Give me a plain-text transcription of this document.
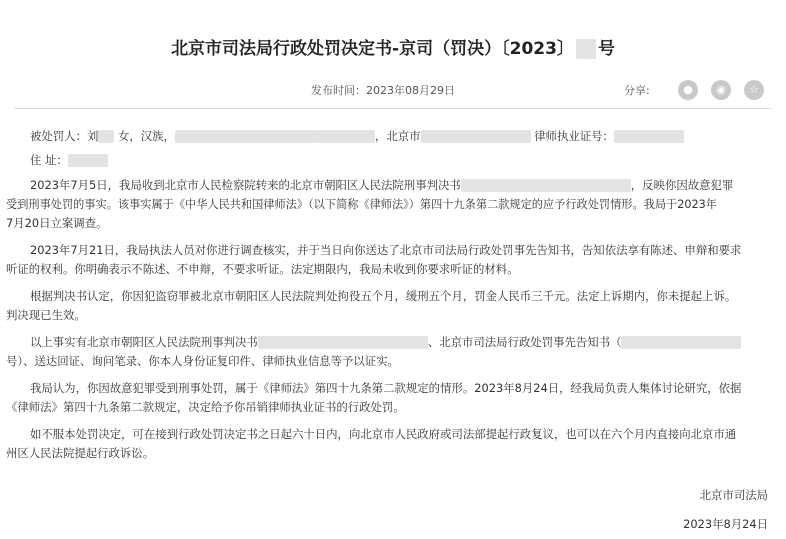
北京市司法局行政处罚决定书-京司（罚决）〔2023〕 号
发布时间：2023年08月29日	分享:	●	◉	☆
被处罚人：刘 女，汉族，	，北京市	律师执业证号：
住 址：
2023年7月5日，我局收到北京市人民检察院转来的北京市朝阳区人民法院刑事判决书	，反映你因故意犯罪
受到刑事处罚的事实。该事实属于《中华人民共和国律师法》（以下简称《律师法》）第四十九条第二款规定的应予行政处罚情形。我局于2023年
7月20日立案调查。
2023年7月21日，我局执法人员对你进行调查核实，并于当日向你送达了北京市司法局行政处罚事先告知书，告知依法享有陈述、申辩和要求
听证的权利。你明确表示不陈述、不申辩，不要求听证。法定期限内，我局未收到你要求听证的材料。
根据判决书认定，你因犯盗窃罪被北京市朝阳区人民法院判处拘役五个月，缓刑五个月，罚金人民币三千元。法定上诉期内，你未提起上诉。
判决现已生效。
以上事实有北京市朝阳区人民法院刑事判决书	、北京市司法局行政处罚事先告知书（
号）、送达回证、询问笔录、你本人身份证复印件、律师执业信息等予以证实。
我局认为，你因故意犯罪受到刑事处罚，属于《律师法》第四十九条第二款规定的情形。2023年8月24日，经我局负责人集体讨论研究，依据
《律师法》第四十九条第二款规定，决定给予你吊销律师执业证书的行政处罚。
如不服本处罚决定，可在接到行政处罚决定书之日起六十日内，向北京市人民政府或司法部提起行政复议，也可以在六个月内直接向北京市通
州区人民法院提起行政诉讼。
北京市司法局
2023年8月24日
